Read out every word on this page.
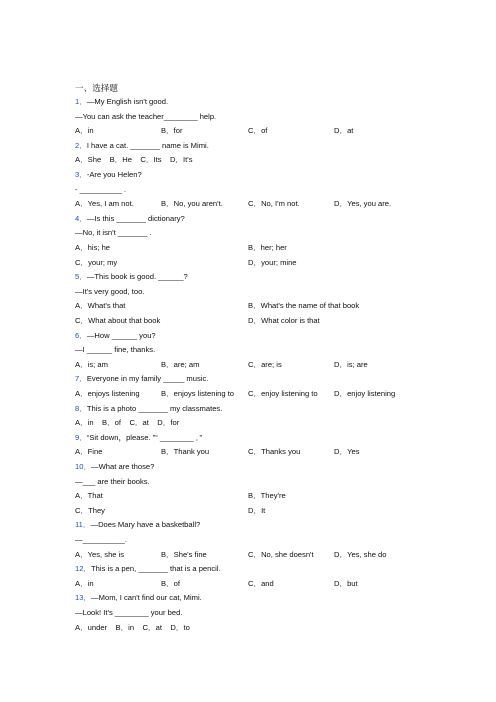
一、选择题
1．—My English isn't good.
—You can ask the teacher________ help.
A．in	B．for	C．of	D．at
2．I have a cat. _______ name is Mimi.
A．She    B．He    C．Its    D．It's
3．-Are you Helen?
- __________ .
A．Yes, I am not.	B．No, you aren't.	C．No, I'm not.	D．Yes, you are.
4．—Is this _______ dictionary?
—No, it isn't _______ .
A．his; he	B．her; her
C．your; my	D．your; mine
5．—This book is good. ______?
—It's very good, too.
A．What's that	B．What's the name of that book
C．What about that book	D．What color is that
6．—How ______ you?
—I ______ fine, thanks.
A．is; am	B．are; am	C．are; is	D．is; are
7．Everyone in my family _____ music.
A．enjoys listening	B．enjoys listening to C．enjoy listening to D．enjoy listening
8．This is a photo _______ my classmates.
A．in    B．of    C．at    D．for
9．“Sit down，please. ”“ ________ ．”
A．Fine	B．Thank you	C．Thanks you	D．Yes
10．—What are those?
—___ are their books.
A．That	B．They're
C．They	D．It
11．—Does Mary have a basketball?
—__________.
A．Yes, she is	B．She's fine	C．No, she doesn't	D．Yes, she do
12．This is a pen, _______ that is a pencil.
A．in	B．of	C．and	D．but
13．—Mom, I can't find our cat, Mimi.
—Look! It's ________ your bed.
A．under    B．in    C．at    D．to
